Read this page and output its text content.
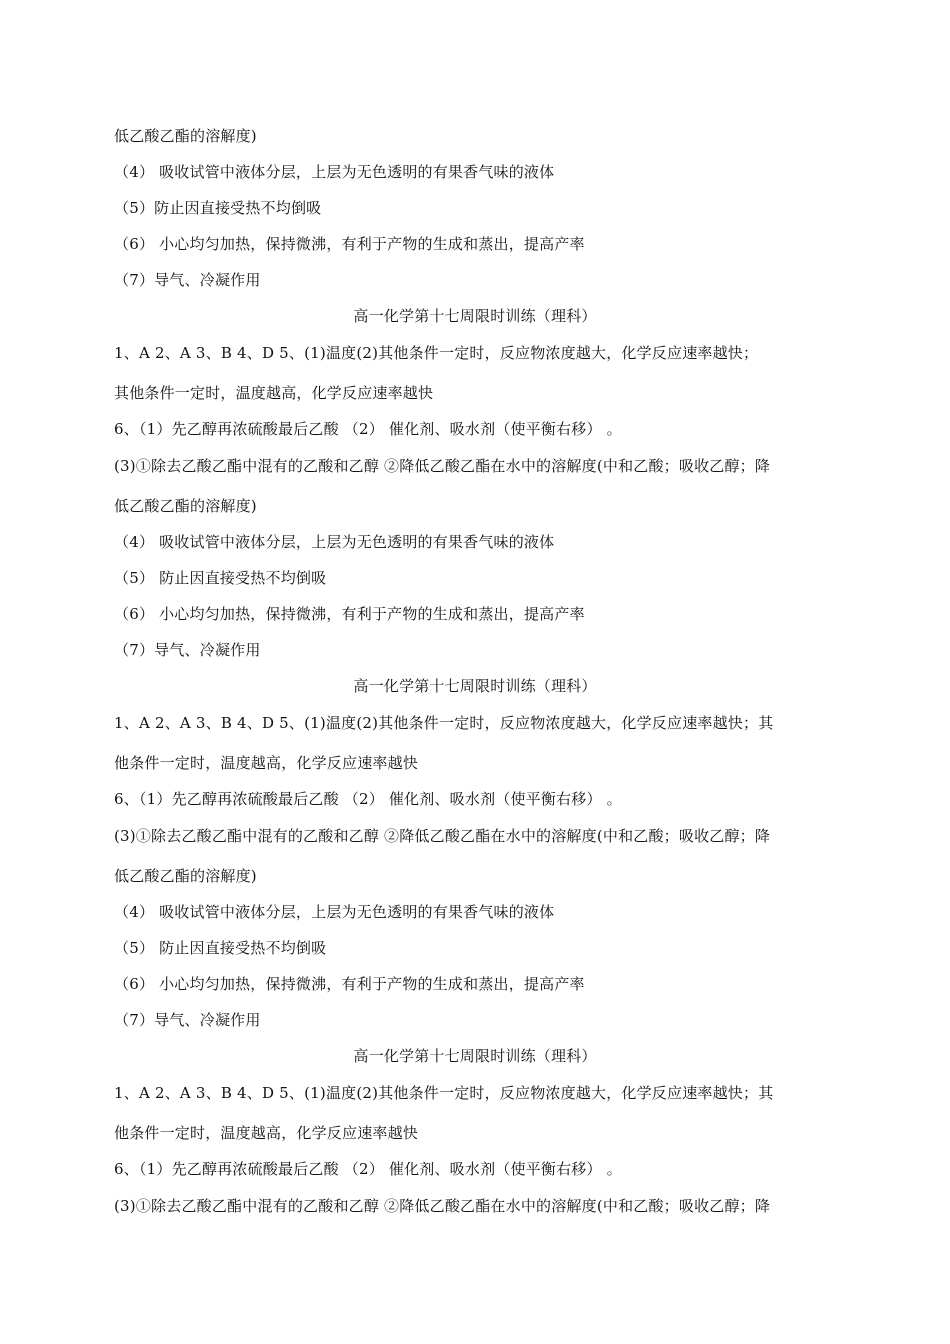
低乙酸乙酯的溶解度)
（4） 吸收试管中液体分层，上层为无色透明的有果香气味的液体
（5）防止因直接受热不均倒吸
（6） 小心均匀加热，保持微沸，有利于产物的生成和蒸出，提高产率
（7）导气、冷凝作用
高一化学第十七周限时训练（理科）
1、A 2、A 3、B 4、D 5、(1)温度(2)其他条件一定时，反应物浓度越大，化学反应速率越快；
其他条件一定时，温度越高，化学反应速率越快
6、（1）先乙醇再浓硫酸最后乙酸 （2） 催化剂、吸水剂（使平衡右移） 。
(3)①除去乙酸乙酯中混有的乙酸和乙醇 ②降低乙酸乙酯在水中的溶解度(中和乙酸；吸收乙醇；降
低乙酸乙酯的溶解度)
（4） 吸收试管中液体分层，上层为无色透明的有果香气味的液体
（5） 防止因直接受热不均倒吸
（6） 小心均匀加热，保持微沸，有利于产物的生成和蒸出，提高产率
（7）导气、冷凝作用
高一化学第十七周限时训练（理科）
1、A 2、A 3、B 4、D 5、(1)温度(2)其他条件一定时，反应物浓度越大，化学反应速率越快；其
他条件一定时，温度越高，化学反应速率越快
6、（1）先乙醇再浓硫酸最后乙酸 （2） 催化剂、吸水剂（使平衡右移） 。
(3)①除去乙酸乙酯中混有的乙酸和乙醇 ②降低乙酸乙酯在水中的溶解度(中和乙酸；吸收乙醇；降
低乙酸乙酯的溶解度)
（4） 吸收试管中液体分层，上层为无色透明的有果香气味的液体
（5） 防止因直接受热不均倒吸
（6） 小心均匀加热，保持微沸，有利于产物的生成和蒸出，提高产率
（7）导气、冷凝作用
高一化学第十七周限时训练（理科）
1、A 2、A 3、B 4、D 5、(1)温度(2)其他条件一定时，反应物浓度越大，化学反应速率越快；其
他条件一定时，温度越高，化学反应速率越快
6、（1）先乙醇再浓硫酸最后乙酸 （2） 催化剂、吸水剂（使平衡右移） 。
(3)①除去乙酸乙酯中混有的乙酸和乙醇 ②降低乙酸乙酯在水中的溶解度(中和乙酸；吸收乙醇；降
